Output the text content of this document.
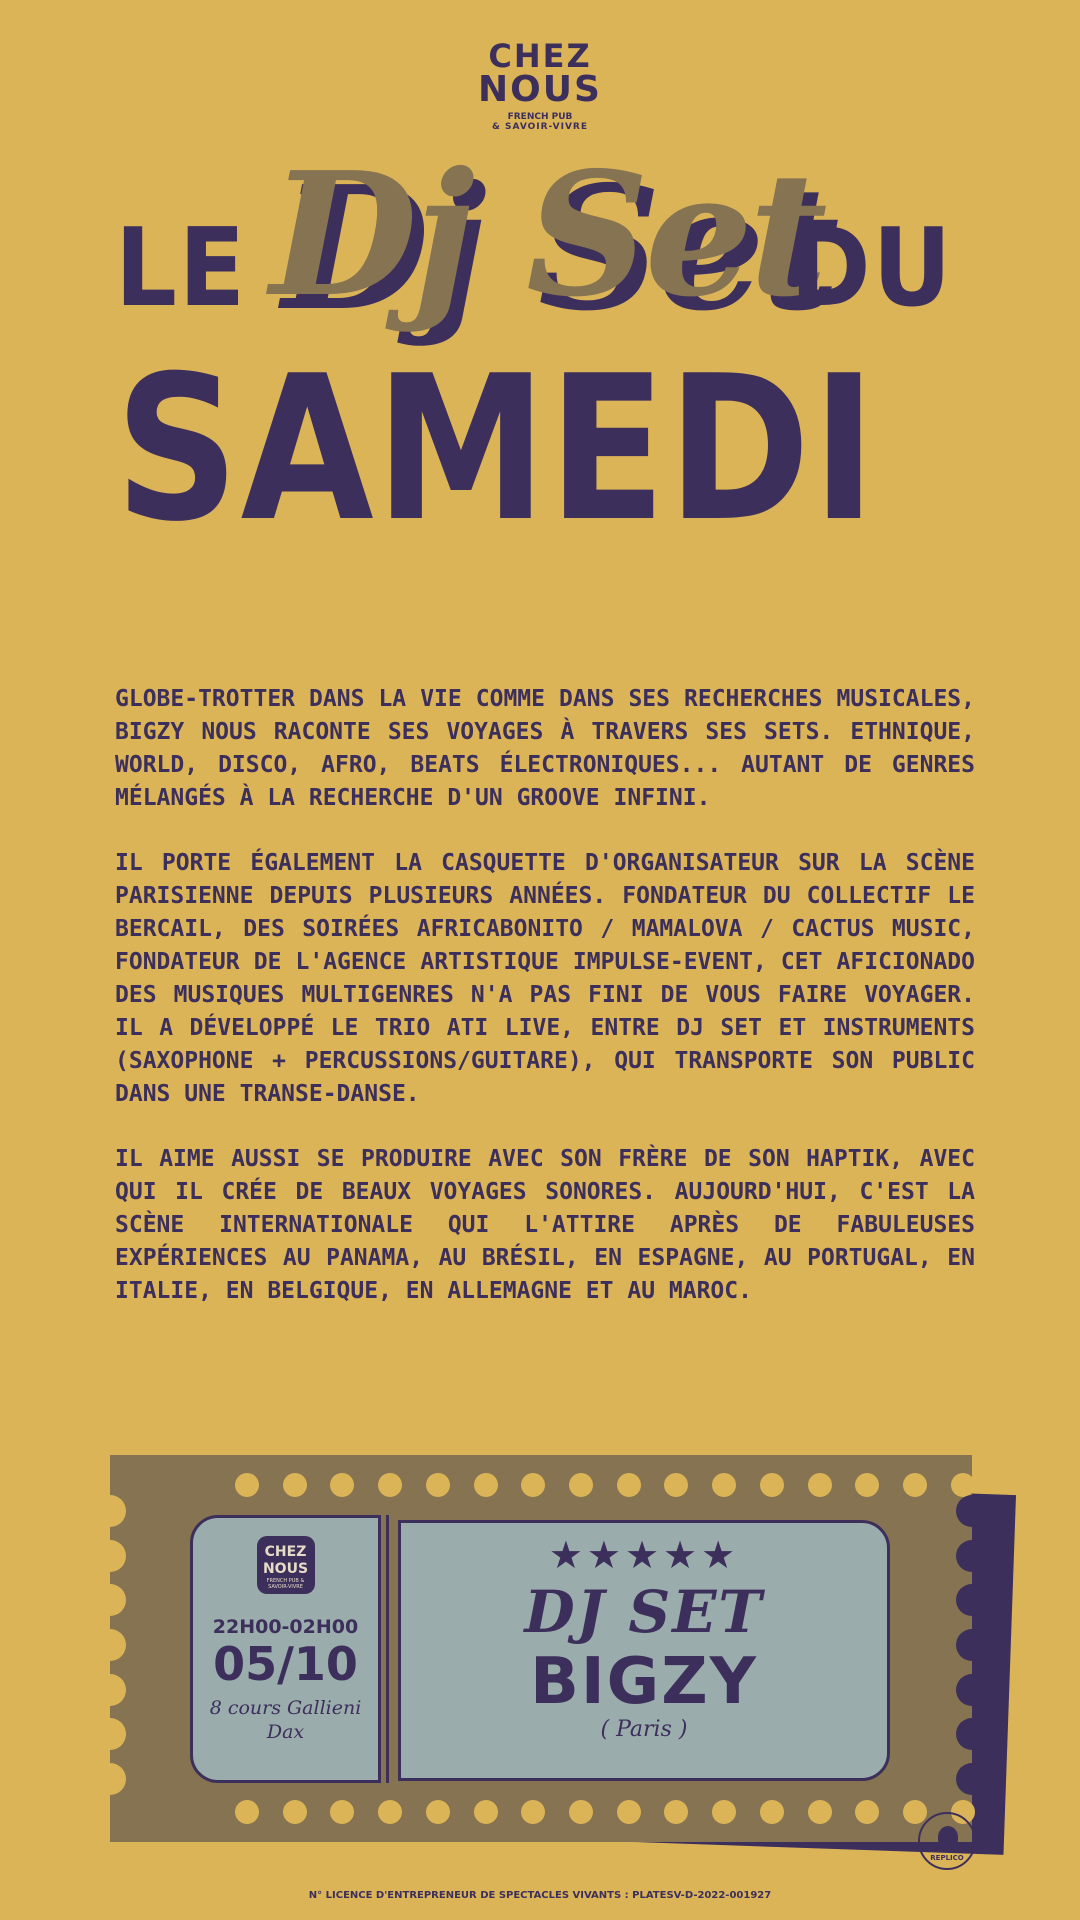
CHEZ
NOUS
FRENCH PUB
& SAVOIR-VIVRE
LE Dj Set
DU
SAMEDI

GLOBE-TROTTER DANS LA VIE COMME DANS SES RECHERCHES MUSICALES, BIGZY NOUS RACONTE SES VOYAGES À TRAVERS SES SETS. ETHNIQUE, WORLD, DISCO, AFRO, BEATS ÉLECTRONIQUES... AUTANT DE GENRES MÉLANGÉS À LA RECHERCHE D'UN GROOVE INFINI.

IL PORTE ÉGALEMENT LA CASQUETTE D'ORGANISATEUR SUR LA SCÈNE PARISIENNE DEPUIS PLUSIEURS ANNÉES. FONDATEUR DU COLLECTIF LE BERCAIL, DES SOIRÉES AFRICABONITO / MAMALOVA / CACTUS MUSIC, FONDATEUR DE L'AGENCE ARTISTIQUE IMPULSE-EVENT, CET AFICIONADO DES MUSIQUES MULTIGENRES N'A PAS FINI DE VOUS FAIRE VOYAGER. IL A DÉVELOPPÉ LE TRIO ATI LIVE, ENTRE DJ SET ET INSTRUMENTS (SAXOPHONE + PERCUSSIONS/GUITARE), QUI TRANSPORTE SON PUBLIC DANS UNE TRANSE-DANSE.

IL AIME AUSSI SE PRODUIRE AVEC SON FRÈRE DE SON HAPTIK, AVEC QUI IL CRÉE DE BEAUX VOYAGES SONORES. AUJOURD'HUI, C'EST LA SCÈNE INTERNATIONALE QUI L'ATTIRE APRÈS DE FABULEUSES EXPÉRIENCES AU PANAMA, AU BRÉSIL, EN ESPAGNE, AU PORTUGAL, EN ITALIE, EN BELGIQUE, EN ALLEMAGNE ET AU MAROC.

CHEZ
NOUS
FRENCH PUB & SAVOIR-VIVRE
22H00-02H00
05/10
8 cours Gallieni
Dax
★★★★★
DJ SET
BIGZY
( Paris )
REPLICO
N° LICENCE D'ENTREPRENEUR DE SPECTACLES VIVANTS : PLATESV-D-2022-001927
